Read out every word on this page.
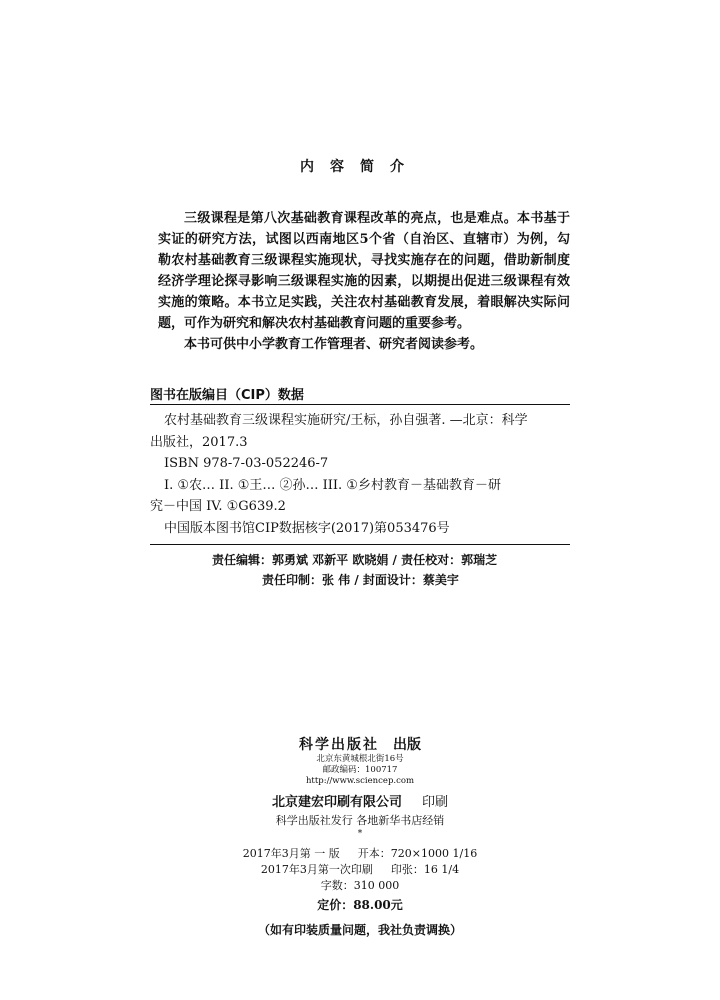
内容简介

三级课程是第八次基础教育课程改革的亮点，也是难点。本书基于实证的研究方法，试图以西南地区5个省（自治区、直辖市）为例，勾勒农村基础教育三级课程实施现状，寻找实施存在的问题，借助新制度经济学理论探寻影响三级课程实施的因素，以期提出促进三级课程有效实施的策略。本书立足实践，关注农村基础教育发展，着眼解决实际问题，可作为研究和解决农村基础教育问题的重要参考。

本书可供中小学教育工作管理者、研究者阅读参考。

图书在版编目（CIP）数据
农村基础教育三级课程实施研究/王标，孙自强著. —北京：科学
出版社，2017.3
ISBN 978-7-03-052246-7
I. ①农… II. ①王… ②孙… III. ①乡村教育－基础教育－研
究－中国 IV. ①G639.2
中国版本图书馆CIP数据核字(2017)第053476号
责任编辑：郭勇斌 邓新平 欧晓娟 / 责任校对：郭瑞芝
责任印制：张 伟 / 封面设计：蔡美宇
科学出版社 出版
北京东黄城根北街16号
邮政编码：100717
http://www.sciencep.com
北京建宏印刷有限公司 印刷
科学出版社发行 各地新华书店经销
*
2017年3月第 一 版 开本：720×1000 1/16
2017年3月第一次印刷 印张：16 1/4
字数：310 000
定价：88.00元
（如有印装质量问题，我社负责调换）
